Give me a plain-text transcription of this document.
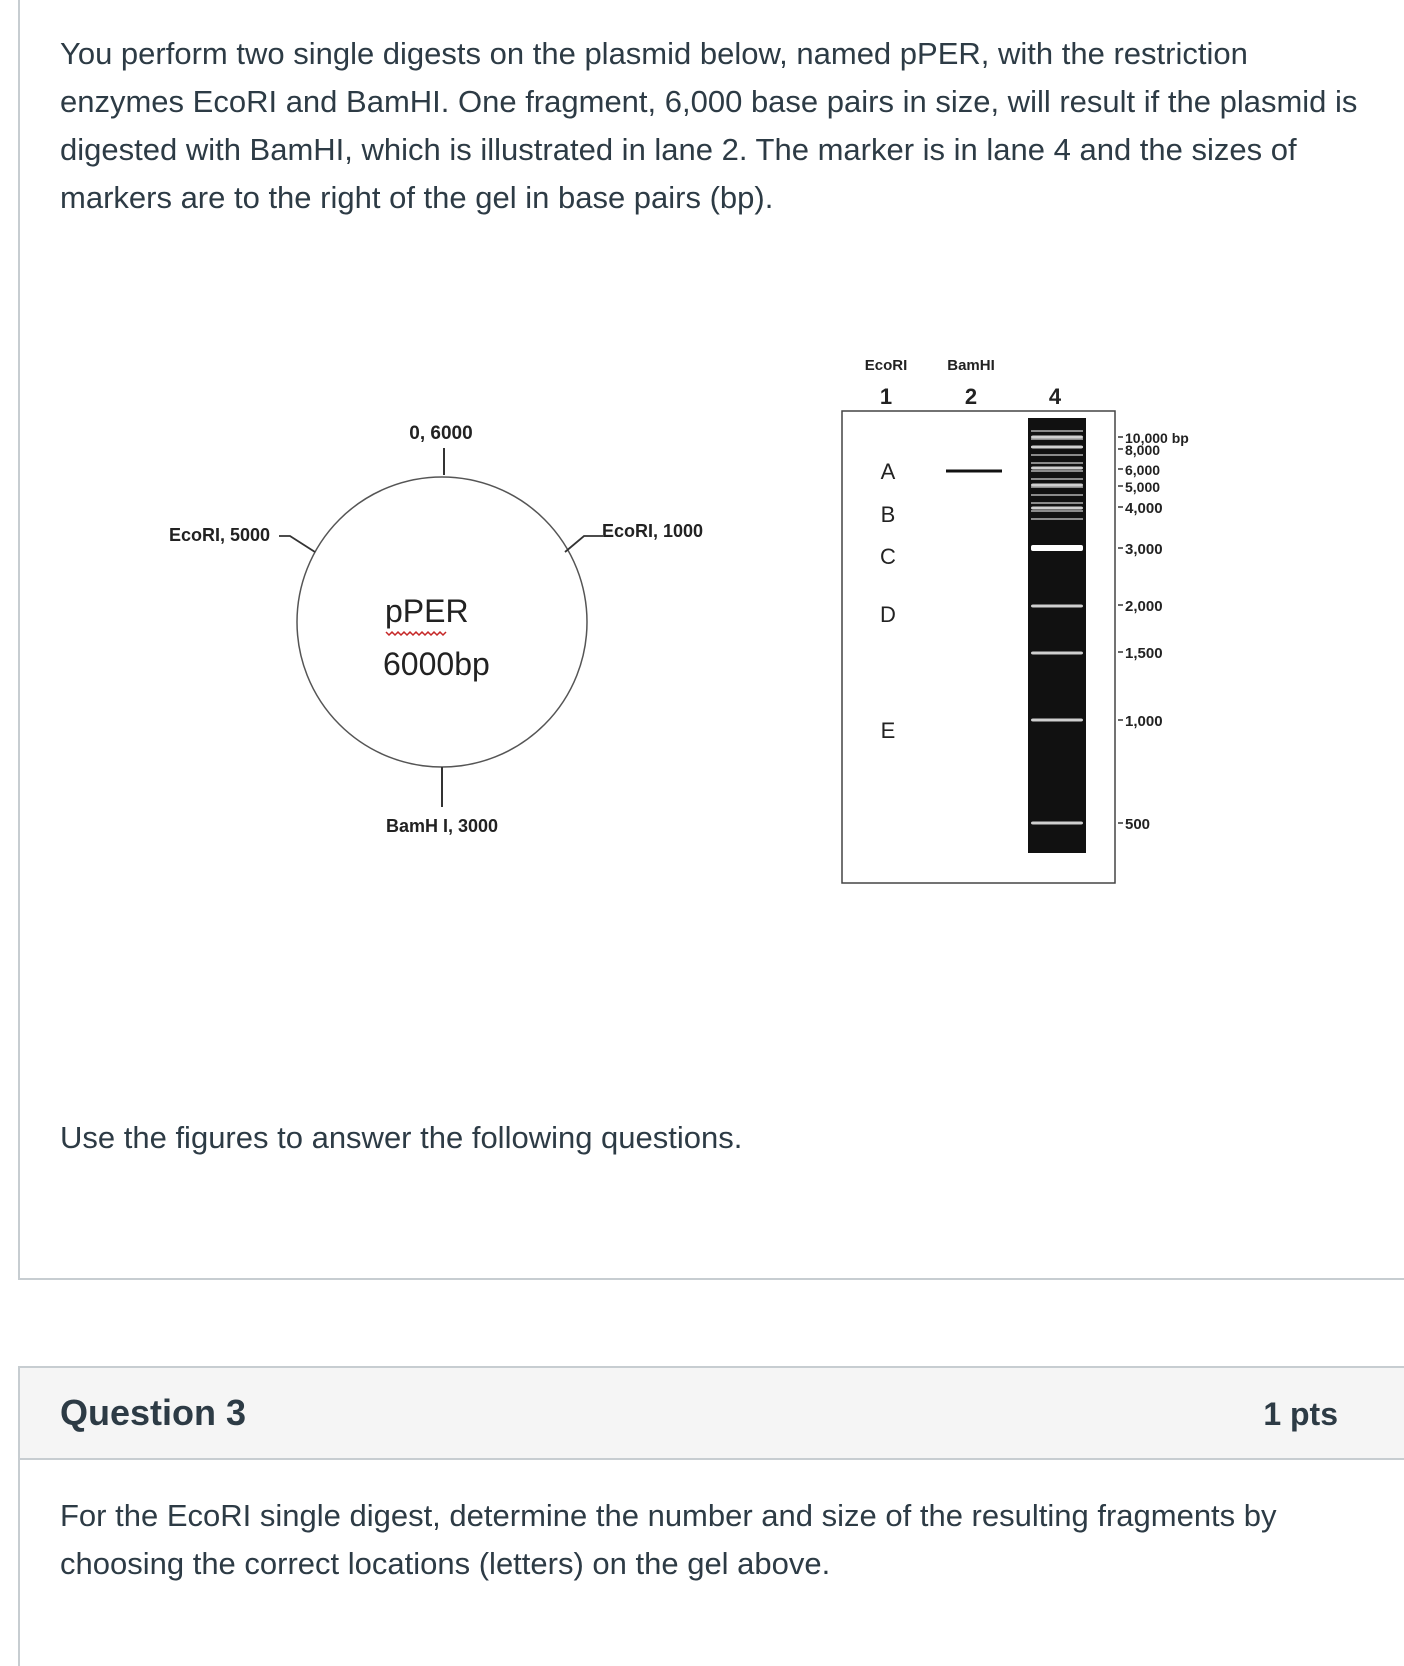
You perform two single digests on the plasmid below, named pPER, with the restriction enzymes EcoRI and BamHI. One fragment, 6,000 base pairs in size, will result if the plasmid is digested with BamHI, which is illustrated in lane 2. The marker is in lane 4 and the sizes of markers are to the right of the gel in base pairs (bp).

0, 6000
EcoRI, 1000
EcoRI, 5000
BamH I, 3000
pPER
6000bp
EcoRI	BamHI
1	2	4
10,000 bp
8,000
6,000
5,000
4,000
3,000
2,000
1,500
1,000
500
A
B
C
D
E

Use the figures to answer the following questions.

Question 3	1 pts

For the EcoRI single digest, determine the number and size of the resulting fragments by choosing the correct locations (letters) on the gel above.
